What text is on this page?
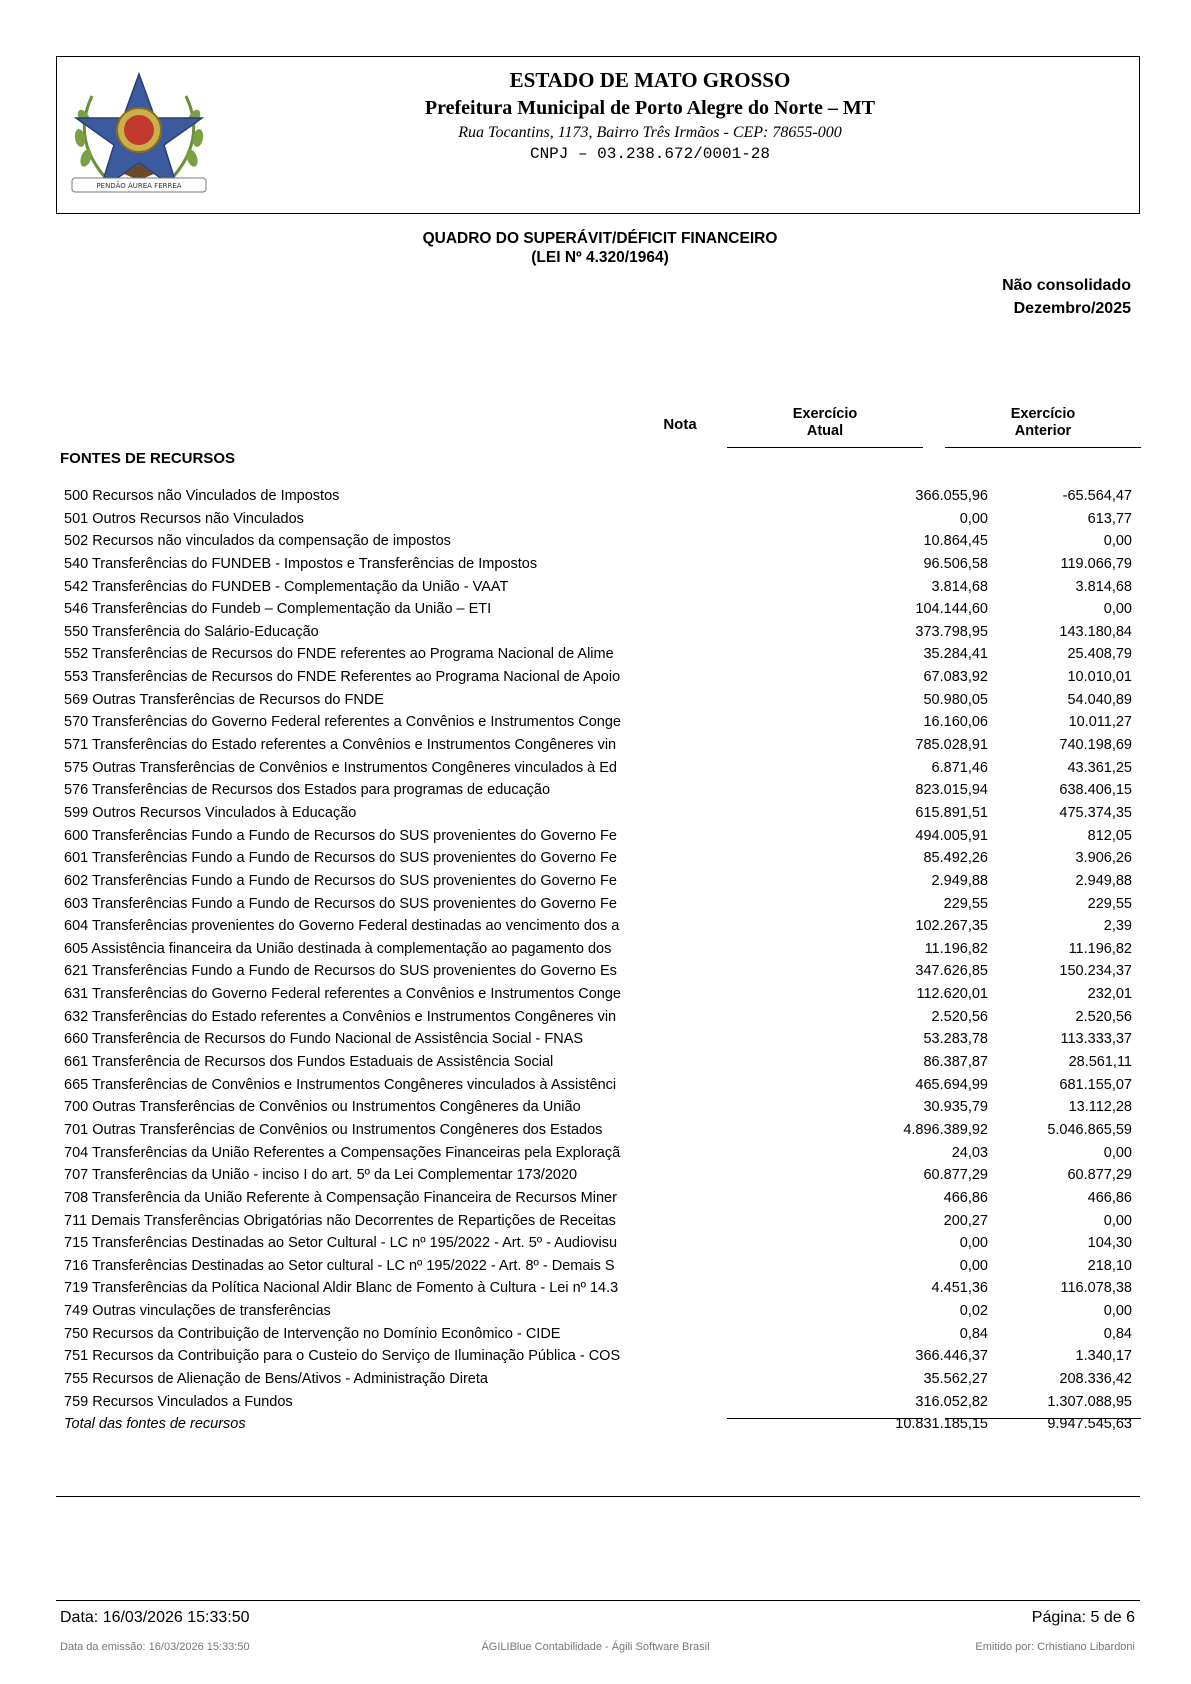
PENDÃO ÁUREA FERREA
ESTADO DE MATO GROSSO
Prefeitura Municipal de Porto Alegre do Norte – MT
Rua Tocantins, 1173, Bairro Três Irmãos - CEP: 78655-000
CNPJ – 03.238.672/0001-28
QUADRO DO SUPERÁVIT/DÉFICIT FINANCEIRO
(LEI Nº 4.320/1964)
Não consolidado
Dezembro/2025
Nota
Exercício
Atual
Exercício
Anterior
FONTES DE RECURSOS
500 Recursos não Vinculados de Impostos	366.055,96	-65.564,47
501 Outros Recursos não Vinculados	0,00	613,77
502 Recursos não vinculados da compensação de impostos	10.864,45	0,00
540 Transferências do FUNDEB - Impostos e Transferências de Impostos	96.506,58	119.066,79
542 Transferências do FUNDEB - Complementação da União - VAAT	3.814,68	3.814,68
546 Transferências do Fundeb – Complementação da União – ETI	104.144,60	0,00
550 Transferência do Salário-Educação	373.798,95	143.180,84
552 Transferências de Recursos do FNDE referentes ao Programa Nacional de Alime	35.284,41	25.408,79
553 Transferências de Recursos do FNDE Referentes ao Programa Nacional de Apoio	67.083,92	10.010,01
569 Outras Transferências de Recursos do FNDE	50.980,05	54.040,89
570 Transferências do Governo Federal referentes a Convênios e Instrumentos Conge	16.160,06	10.011,27
571 Transferências do Estado referentes a Convênios e Instrumentos Congêneres vin	785.028,91	740.198,69
575 Outras Transferências de Convênios e Instrumentos Congêneres vinculados à Ed	6.871,46	43.361,25
576 Transferências de Recursos dos Estados para programas de educação	823.015,94	638.406,15
599 Outros Recursos Vinculados à Educação	615.891,51	475.374,35
600 Transferências Fundo a Fundo de Recursos do SUS provenientes do Governo Fe	494.005,91	812,05
601 Transferências Fundo a Fundo de Recursos do SUS provenientes do Governo Fe	85.492,26	3.906,26
602 Transferências Fundo a Fundo de Recursos do SUS provenientes do Governo Fe	2.949,88	2.949,88
603 Transferências Fundo a Fundo de Recursos do SUS provenientes do Governo Fe	229,55	229,55
604 Transferências provenientes do Governo Federal destinadas ao vencimento dos a	102.267,35	2,39
605 Assistência financeira da União destinada à complementação ao pagamento dos	11.196,82	11.196,82
621 Transferências Fundo a Fundo de Recursos do SUS provenientes do Governo Es	347.626,85	150.234,37
631 Transferências do Governo Federal referentes a Convênios e Instrumentos Conge	112.620,01	232,01
632 Transferências do Estado referentes a Convênios e Instrumentos Congêneres vin	2.520,56	2.520,56
660 Transferência de Recursos do Fundo Nacional de Assistência Social - FNAS	53.283,78	113.333,37
661 Transferência de Recursos dos Fundos Estaduais de Assistência Social	86.387,87	28.561,11
665 Transferências de Convênios e Instrumentos Congêneres vinculados à Assistênci	465.694,99	681.155,07
700 Outras Transferências de Convênios ou Instrumentos Congêneres da União	30.935,79	13.112,28
701 Outras Transferências de Convênios ou Instrumentos Congêneres dos Estados	4.896.389,92	5.046.865,59
704 Transferências da União Referentes a Compensações Financeiras pela Exploraçã	24,03	0,00
707 Transferências da União - inciso I do art. 5º da Lei Complementar 173/2020	60.877,29	60.877,29
708 Transferência da União Referente à Compensação Financeira de Recursos Miner	466,86	466,86
711 Demais Transferências Obrigatórias não Decorrentes de Repartições de Receitas	200,27	0,00
715 Transferências Destinadas ao Setor Cultural - LC nº 195/2022 - Art. 5º - Audiovisu	0,00	104,30
716 Transferências Destinadas ao Setor cultural - LC nº 195/2022 - Art. 8º - Demais S	0,00	218,10
719 Transferências da Política Nacional Aldir Blanc de Fomento à Cultura - Lei nº 14.3	4.451,36	116.078,38
749 Outras vinculações de transferências	0,02	0,00
750 Recursos da Contribuição de Intervenção no Domínio Econômico - CIDE	0,84	0,84
751 Recursos da Contribuição para o Custeio do Serviço de Iluminação Pública - COS	366.446,37	1.340,17
755 Recursos de Alienação de Bens/Ativos - Administração Direta	35.562,27	208.336,42
759 Recursos Vinculados a Fundos	316.052,82	1.307.088,95
Total das fontes de recursos	10.831.185,15	9.947.545,63
Data: 16/03/2026 15:33:50	Página: 5 de 6
Data da emissão: 16/03/2026 15:33:50	ÁGILIBlue Contabilidade - Ágili Software Brasil	Emitido por: Crhistiano Libardoni
